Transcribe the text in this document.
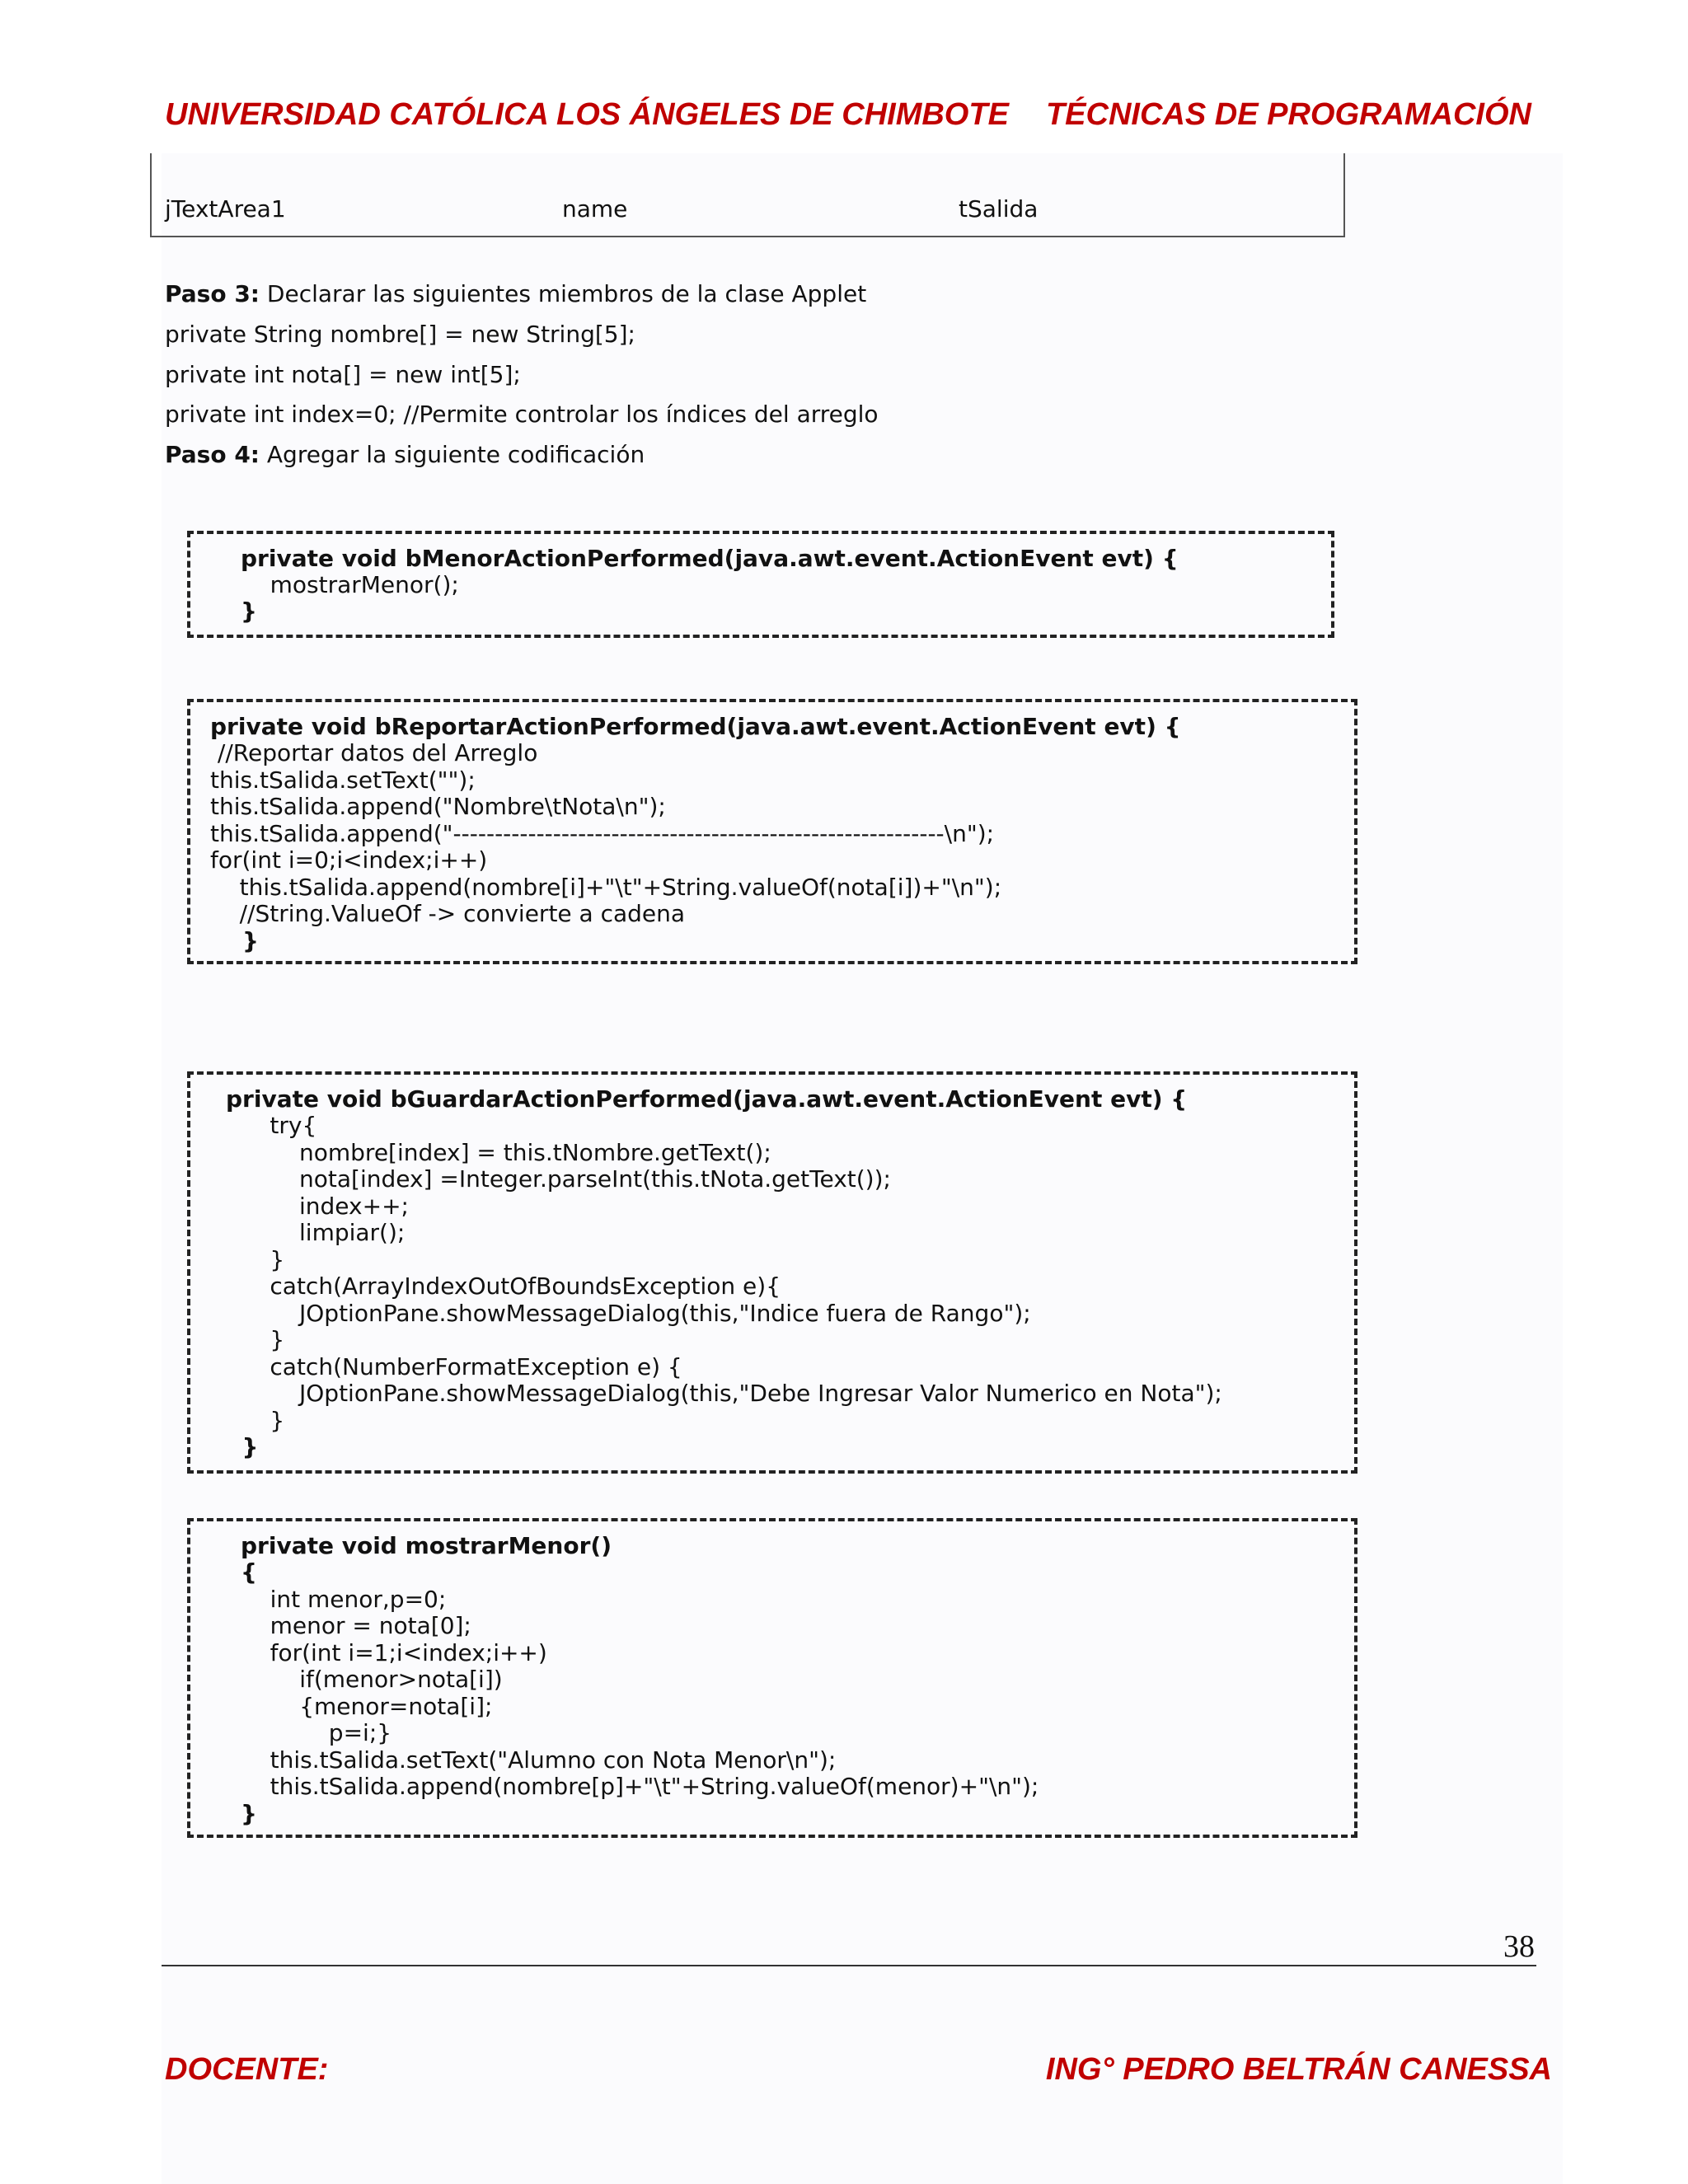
UNIVERSIDAD CATÓLICA LOS ÁNGELES DE CHIMBOTE TÉCNICAS DE PROGRAMACIÓN
jTextArea1	name	tSalida
Paso 3: Declarar las siguientes miembros de la clase Applet
private String nombre[] = new String[5];
private int nota[] = new int[5];
private int index=0; //Permite controlar los índices del arreglo
Paso 4: Agregar la siguiente codificación
private void bMenorActionPerformed(java.awt.event.ActionEvent evt) {
mostrarMenor();
}
private void bReportarActionPerformed(java.awt.event.ActionEvent evt) {
//Reportar datos del Arreglo
this.tSalida.setText("");
this.tSalida.append("Nombre\tNota\n");
this.tSalida.append("-----------------------------------------------------------\n");
for(int i=0;i<index;i++)
this.tSalida.append(nombre[i]+"\t"+String.valueOf(nota[i])+"\n");
//String.ValueOf -> convierte a cadena
}
private void bGuardarActionPerformed(java.awt.event.ActionEvent evt) {
try{
nombre[index] = this.tNombre.getText();
nota[index] =Integer.parseInt(this.tNota.getText());
index++;
limpiar();
}
catch(ArrayIndexOutOfBoundsException e){
JOptionPane.showMessageDialog(this,"Indice fuera de Rango");
}
catch(NumberFormatException e) {
JOptionPane.showMessageDialog(this,"Debe Ingresar Valor Numerico en Nota");
}
}
private void mostrarMenor()
{
int menor,p=0;
menor = nota[0];
for(int i=1;i<index;i++)
if(menor>nota[i])
{menor=nota[i];
p=i;}
this.tSalida.setText("Alumno con Nota Menor\n");
this.tSalida.append(nombre[p]+"\t"+String.valueOf(menor)+"\n");
}
38
DOCENTE:	ING° PEDRO BELTRÁN CANESSA
